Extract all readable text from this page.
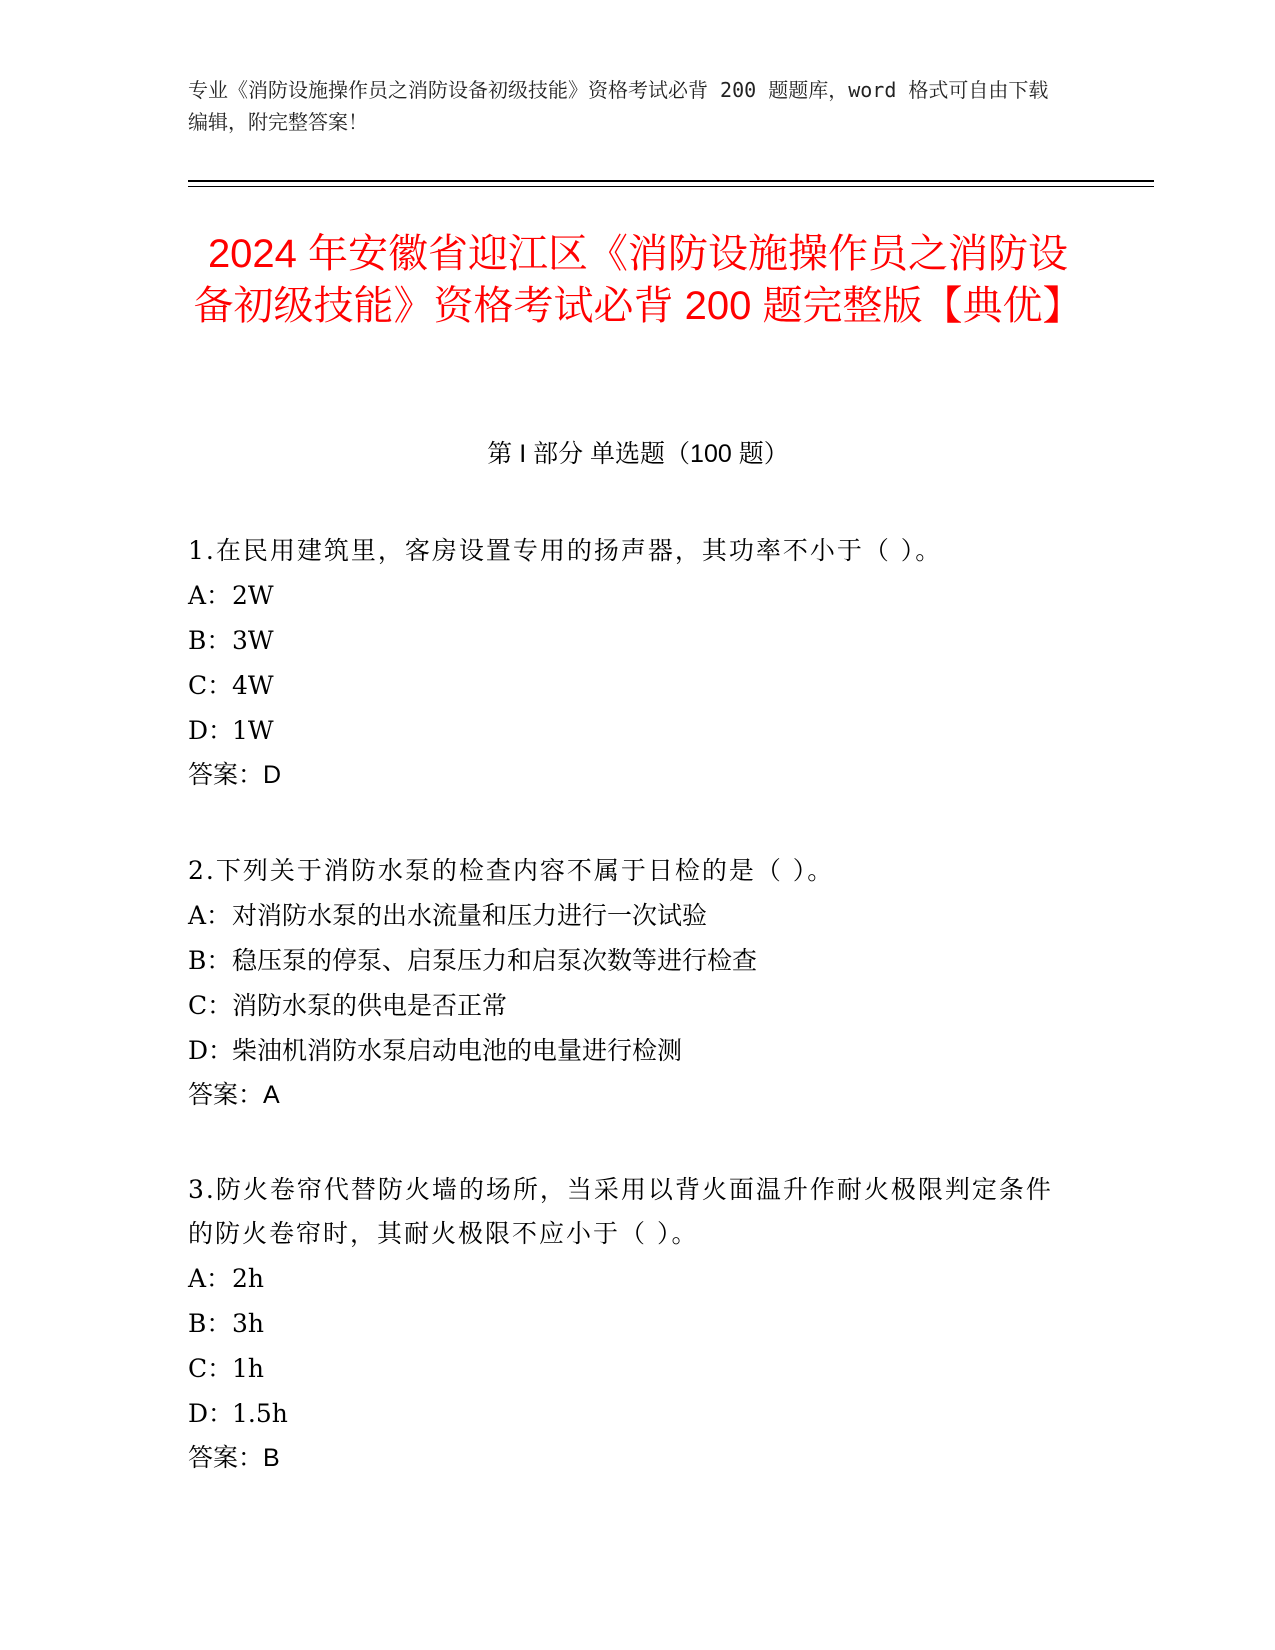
专业《消防设施操作员之消防设备初级技能》资格考试必背 200 题题库，word 格式可自由下载编辑，附完整答案！

2024 年安徽省迎江区《消防设施操作员之消防设备初级技能》资格考试必背 200 题完整版【典优】
第 I 部分 单选题（100 题）

1.在民用建筑里，客房设置专用的扬声器，其功率不小于（ ）。

A：2W

B：3W

C：4W

D：1W

答案：D

2.下列关于消防水泵的检查内容不属于日检的是（ ）。

A：对消防水泵的出水流量和压力进行一次试验

B：稳压泵的停泵、启泵压力和启泵次数等进行检查

C：消防水泵的供电是否正常

D：柴油机消防水泵启动电池的电量进行检测

答案：A

3.防火卷帘代替防火墙的场所，当采用以背火面温升作耐火极限判定条件的防火卷帘时，其耐火极限不应小于（ ）。

A：2h

B：3h

C：1h

D：1.5h

答案：B
